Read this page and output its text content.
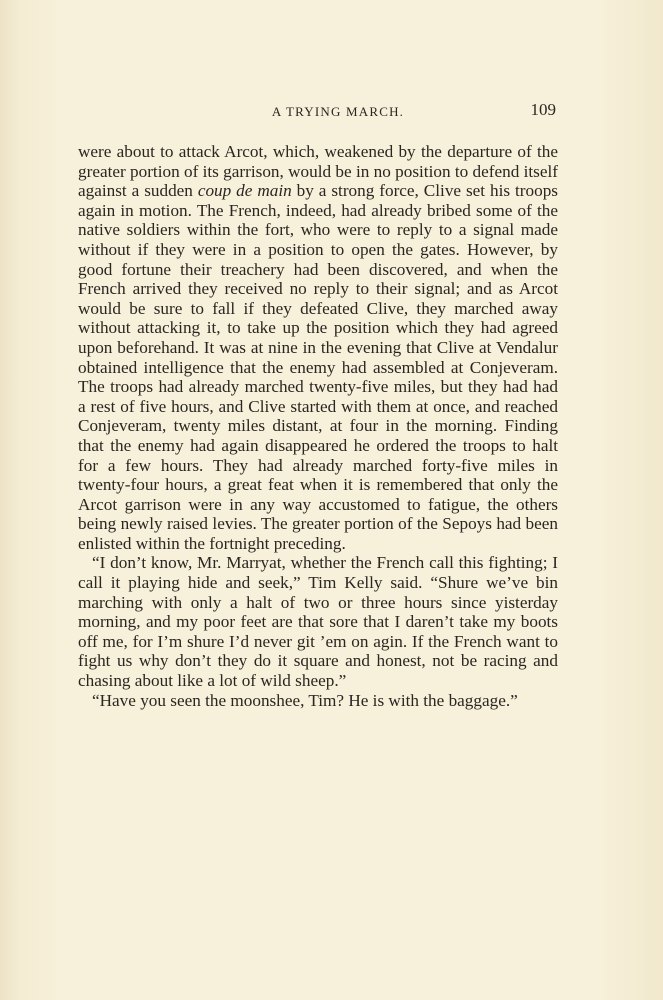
A TRYING MARCH.	109

were about to attack Arcot, which, weakened by the departure of the greater portion of its garrison, would be in no position to defend itself against a sudden coup de main by a strong force, Clive set his troops again in motion. The French, indeed, had already bribed some of the native soldiers within the fort, who were to reply to a signal made without if they were in a position to open the gates. However, by good fortune their treachery had been discovered, and when the French arrived they received no reply to their signal; and as Arcot would be sure to fall if they defeated Clive, they marched away without attacking it, to take up the position which they had agreed upon beforehand. It was at nine in the evening that Clive at Vendalur obtained intelligence that the enemy had assembled at Conjeveram. The troops had already marched twenty-five miles, but they had had a rest of five hours, and Clive started with them at once, and reached Conjeveram, twenty miles distant, at four in the morning. Finding that the enemy had again disappeared he ordered the troops to halt for a few hours. They had already marched forty-five miles in twenty-four hours, a great feat when it is remembered that only the Arcot garrison were in any way accustomed to fatigue, the others being newly raised levies. The greater portion of the Sepoys had been enlisted within the fortnight preceding.

“I don’t know, Mr. Marryat, whether the French call this fighting; I call it playing hide and seek,” Tim Kelly said. “Shure we’ve bin marching with only a halt of two or three hours since yisterday morning, and my poor feet are that sore that I daren’t take my boots off me, for I’m shure I’d never git ’em on agin. If the French want to fight us why don’t they do it square and honest, not be racing and chasing about like a lot of wild sheep.”

“Have you seen the moonshee, Tim? He is with the baggage.”
